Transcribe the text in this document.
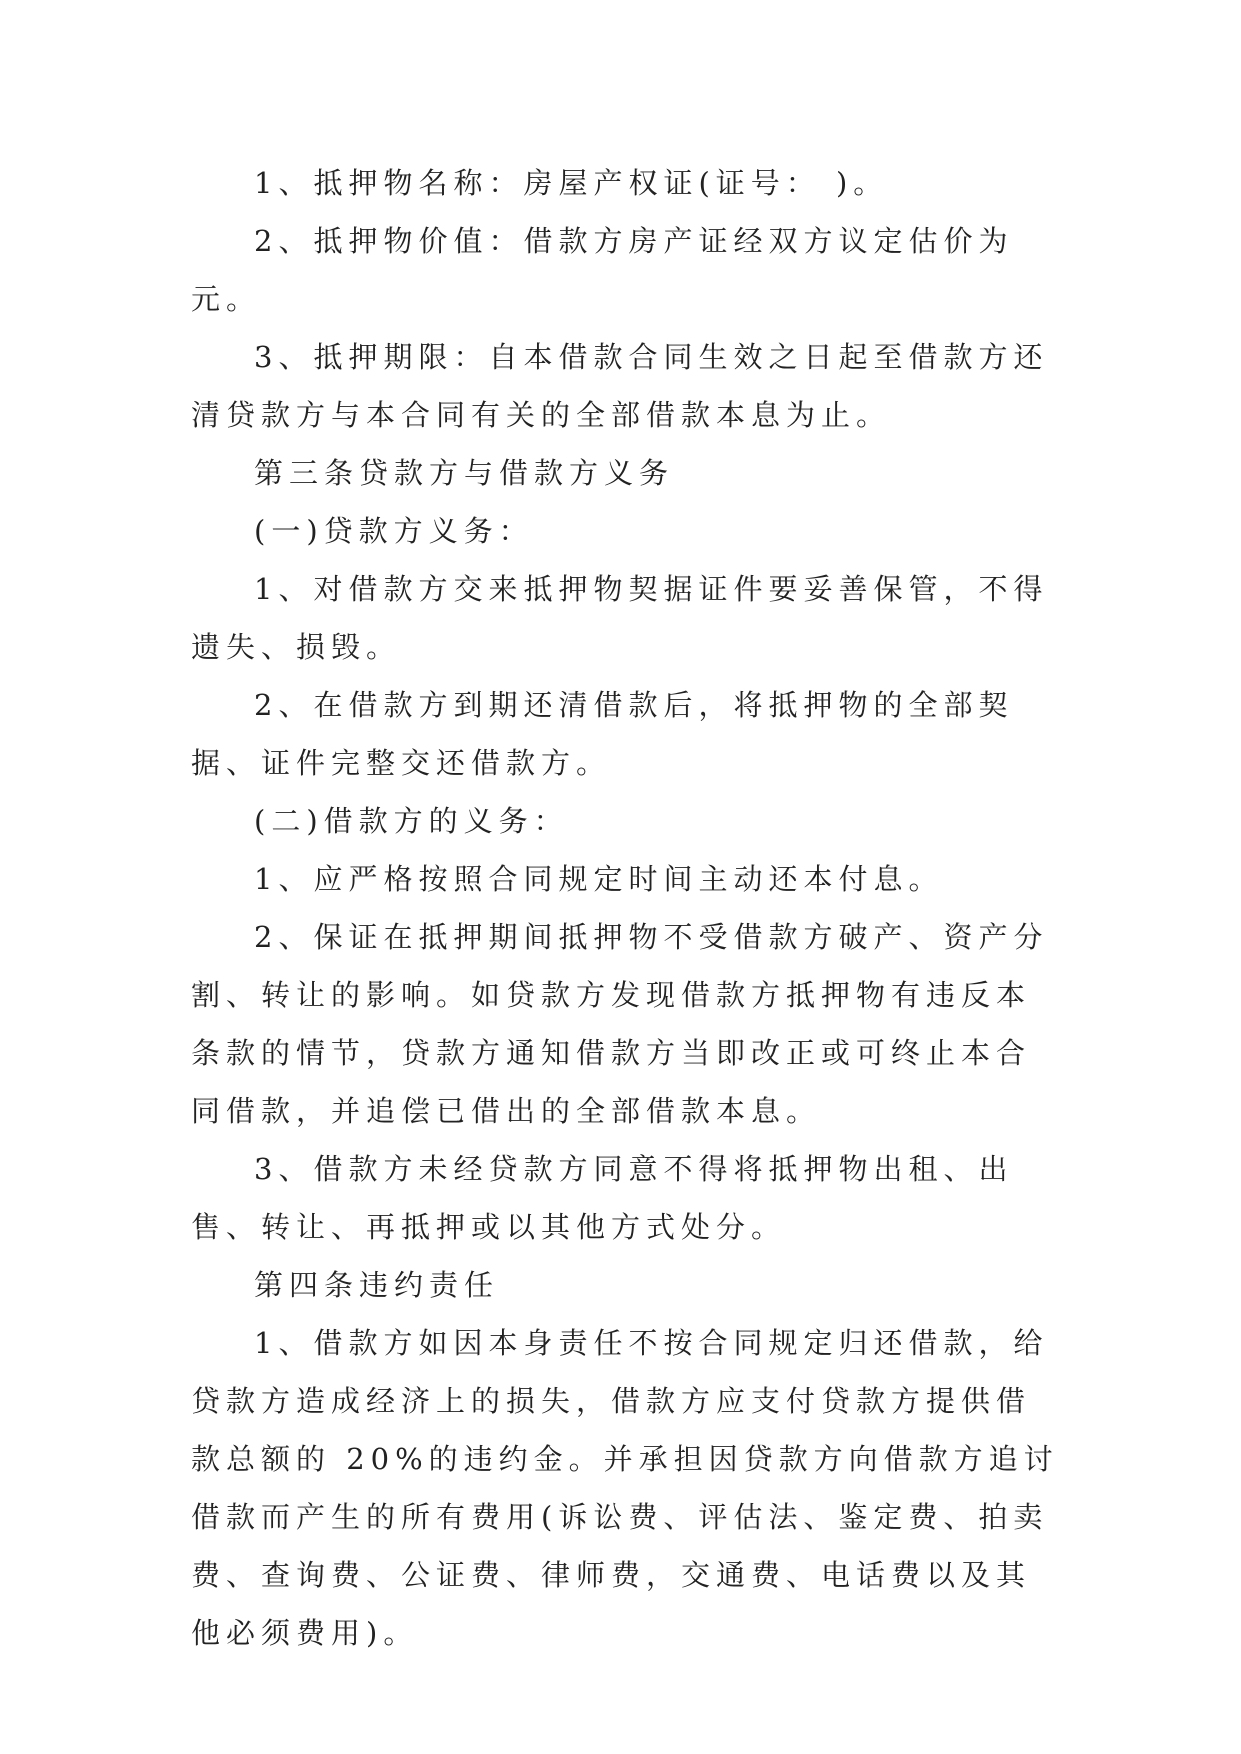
1、抵押物名称：房屋产权证(证号： )。

2、抵押物价值：借款方房产证经双方议定估价为 元。

3、抵押期限：自本借款合同生效之日起至借款方还清贷款方与本合同有关的全部借款本息为止。

第三条贷款方与借款方义务

(一)贷款方义务：

1、对借款方交来抵押物契据证件要妥善保管，不得遗失、损毁。

2、在借款方到期还清借款后，将抵押物的全部契据、证件完整交还借款方。

(二)借款方的义务：

1、应严格按照合同规定时间主动还本付息。

2、保证在抵押期间抵押物不受借款方破产、资产分割、转让的影响。如贷款方发现借款方抵押物有违反本条款的情节，贷款方通知借款方当即改正或可终止本合同借款，并追偿已借出的全部借款本息。

3、借款方未经贷款方同意不得将抵押物出租、出售、转让、再抵押或以其他方式处分。

第四条违约责任

1、借款方如因本身责任不按合同规定归还借款，给贷款方造成经济上的损失，借款方应支付贷款方提供借款总额的 20%的违约金。并承担因贷款方向借款方追讨借款而产生的所有费用(诉讼费、评估法、鉴定费、拍卖费、查询费、公证费、律师费，交通费、电话费以及其他必须费用)。
